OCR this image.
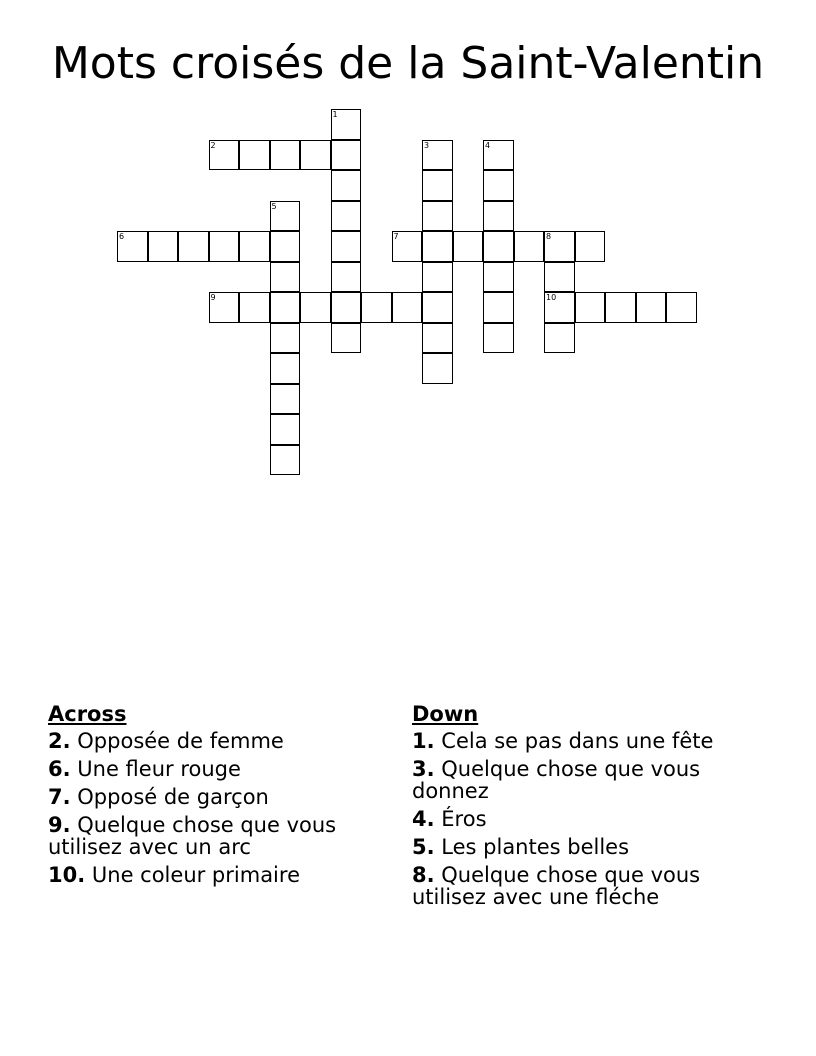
Mots croisés de la Saint-Valentin
1
2	3	4
5
6	7	8
9	10
Across
2. Opposée de femme
6. Une fleur rouge
7. Opposé de garçon
9. Quelque chose que vous utilisez avec un arc
10. Une coleur primaire
Down
1. Cela se pas dans une fête
3. Quelque chose que vous donnez
4. Éros
5. Les plantes belles
8. Quelque chose que vous utilisez avec une fléche
